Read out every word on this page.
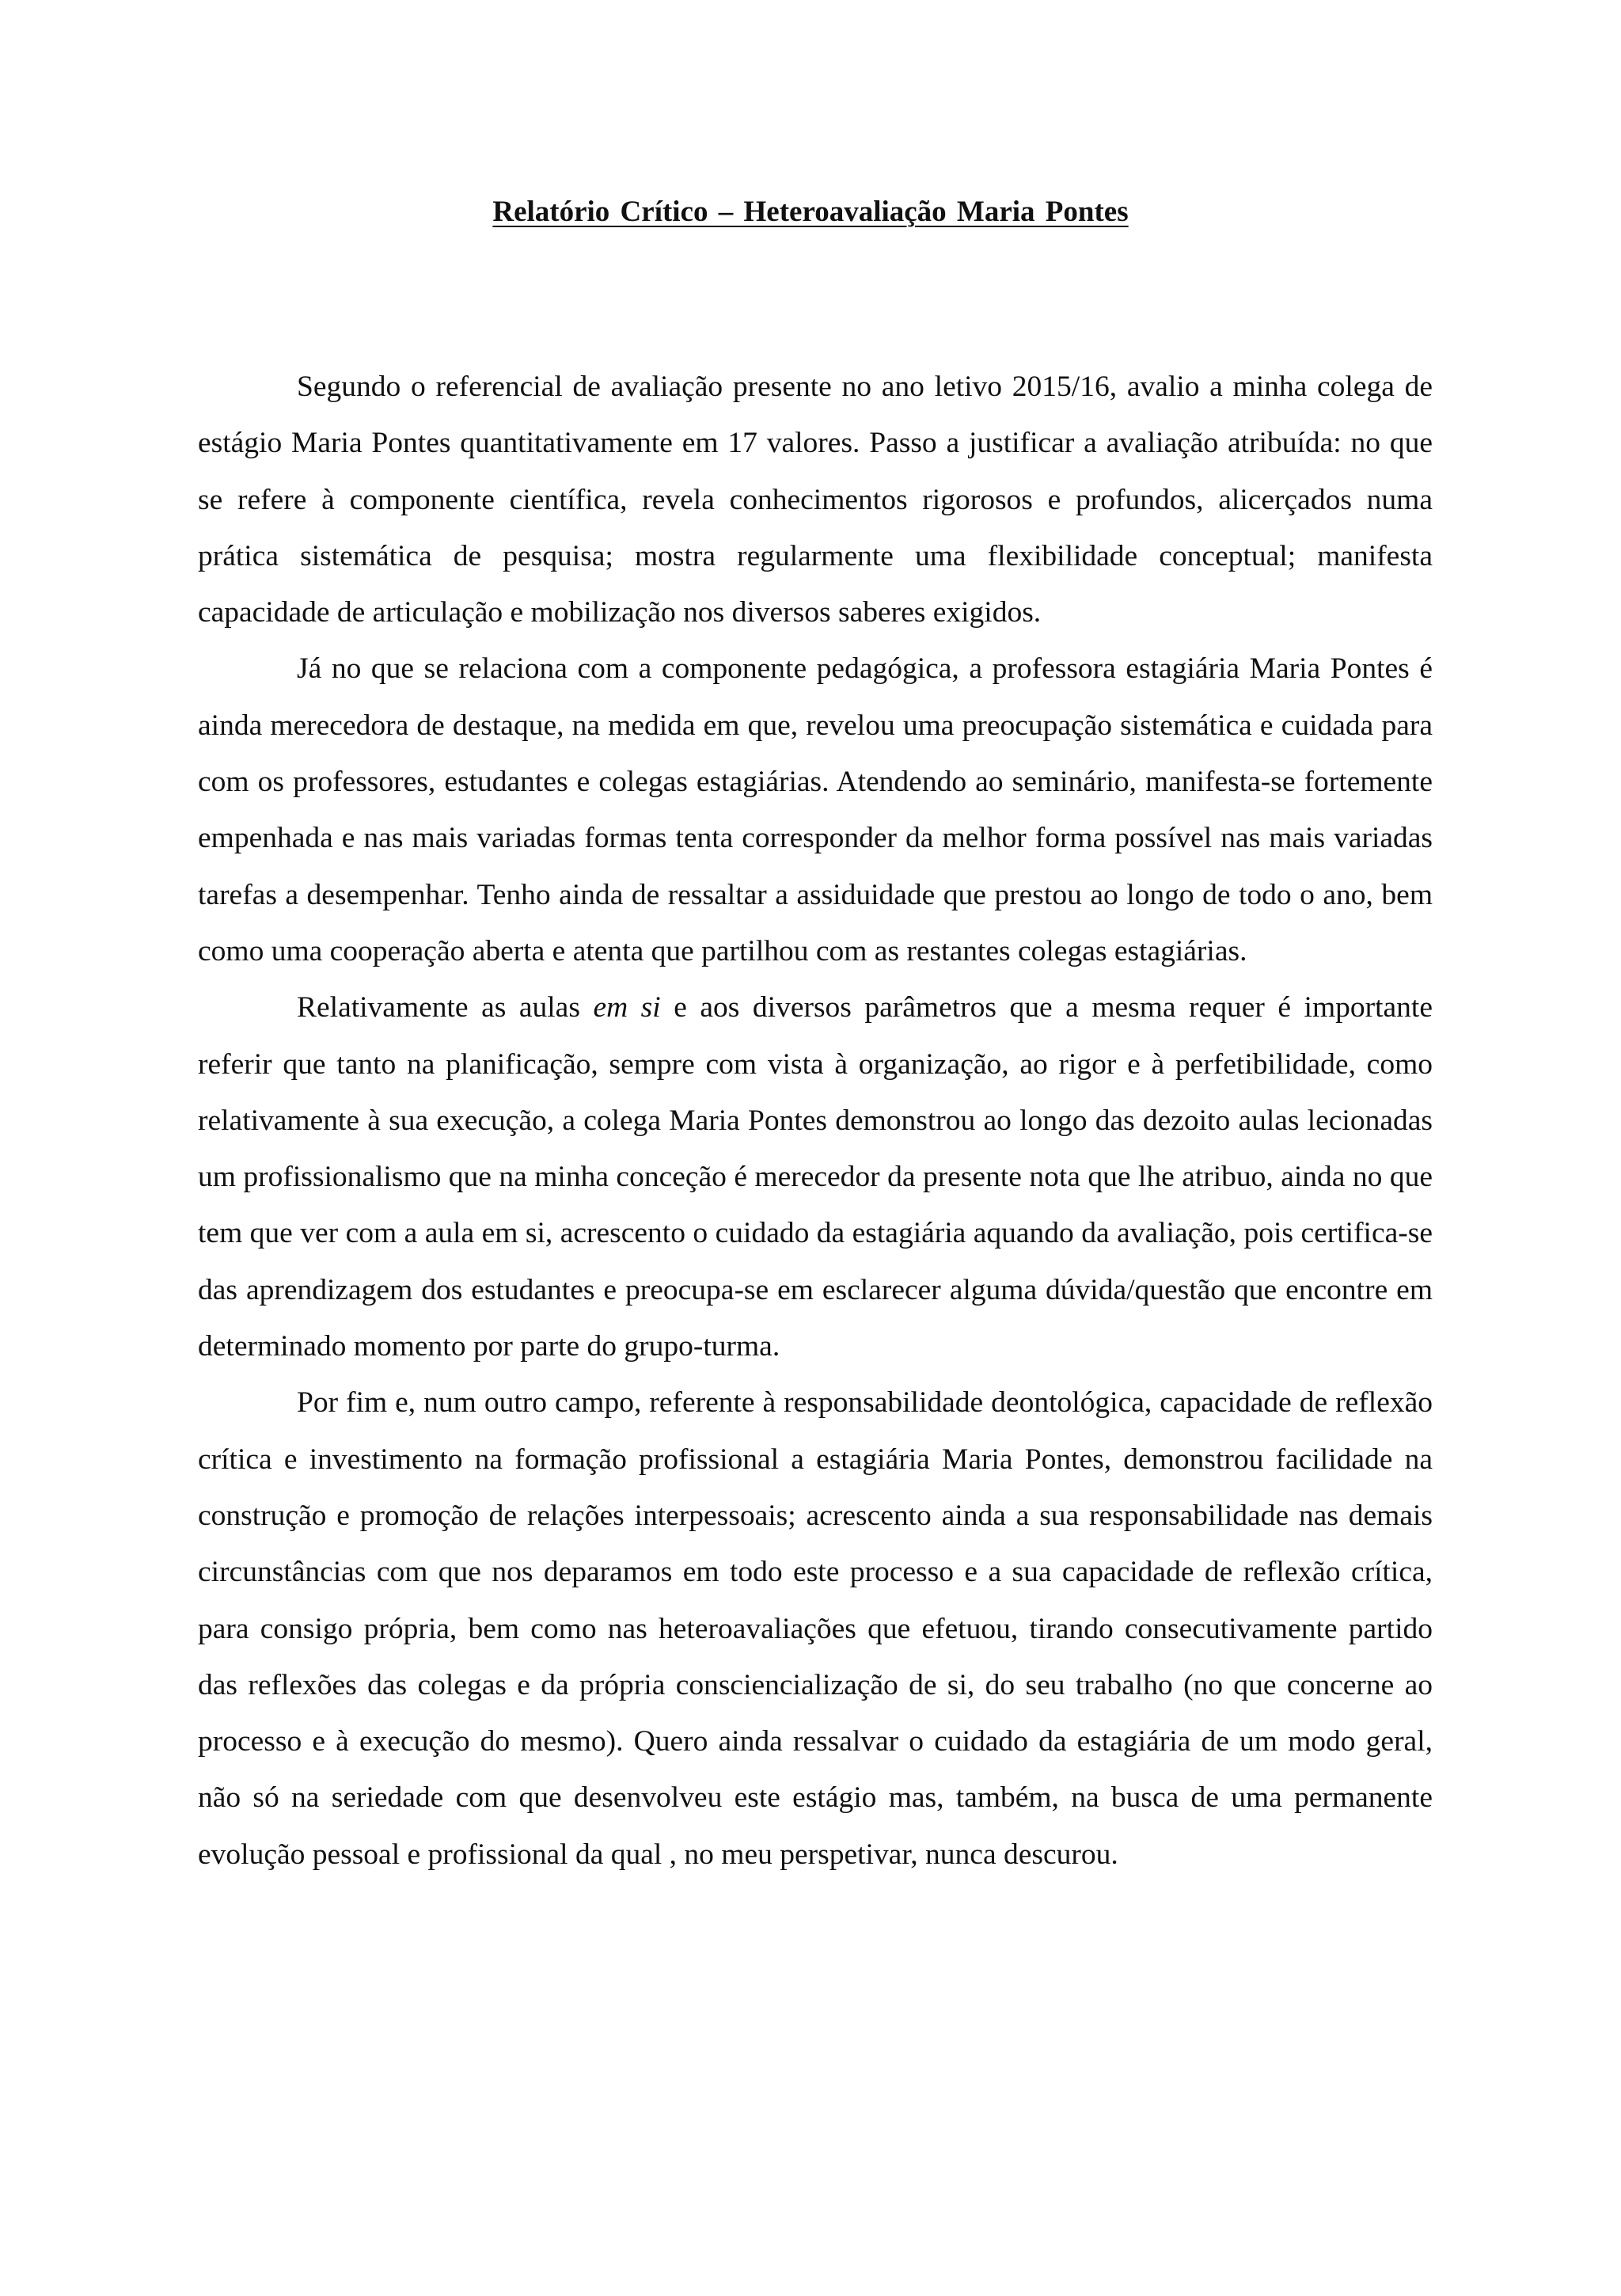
Relatório Crítico – Heteroavaliação Maria Pontes

Segundo o referencial de avaliação presente no ano letivo 2015/16, avalio a minha colega de estágio Maria Pontes quantitativamente em 17 valores. Passo a justificar a avaliação atribuída: no que se refere à componente científica, revela conhecimentos rigorosos e profundos, alicerçados numa prática sistemática de pesquisa; mostra regularmente uma flexibilidade conceptual; manifesta capacidade de articulação e mobilização nos diversos saberes exigidos.

Já no que se relaciona com a componente pedagógica, a professora estagiária Maria Pontes é ainda merecedora de destaque, na medida em que, revelou uma preocupação sistemática e cuidada para com os professores, estudantes e colegas estagiárias. Atendendo ao seminário, manifesta-se fortemente empenhada e nas mais variadas formas tenta corresponder da melhor forma possível nas mais variadas tarefas a desempenhar. Tenho ainda de ressaltar a assiduidade que prestou ao longo de todo o ano, bem como uma cooperação aberta e atenta que partilhou com as restantes colegas estagiárias.

Relativamente as aulas em si e aos diversos parâmetros que a mesma requer é importante referir que tanto na planificação, sempre com vista à organização, ao rigor e à perfetibilidade, como relativamente à sua execução, a colega Maria Pontes demonstrou ao longo das dezoito aulas lecionadas um profissionalismo que na minha conceção é merecedor da presente nota que lhe atribuo, ainda no que tem que ver com a aula em si, acrescento o cuidado da estagiária aquando da avaliação, pois certifica-se das aprendizagem dos estudantes e preocupa-se em esclarecer alguma dúvida/questão que encontre em determinado momento por parte do grupo-turma.

Por fim e, num outro campo, referente à responsabilidade deontológica, capacidade de reflexão crítica e investimento na formação profissional a estagiária Maria Pontes, demonstrou facilidade na construção e promoção de relações interpessoais; acrescento ainda a sua responsabilidade nas demais circunstâncias com que nos deparamos em todo este processo e a sua capacidade de reflexão crítica, para consigo própria, bem como nas heteroavaliações que efetuou, tirando consecutivamente partido das reflexões das colegas e da própria consciencialização de si, do seu trabalho (no que concerne ao processo e à execução do mesmo). Quero ainda ressalvar o cuidado da estagiária de um modo geral, não só na seriedade com que desenvolveu este estágio mas, também, na busca de uma permanente evolução pessoal e profissional da qual , no meu perspetivar, nunca descurou.
